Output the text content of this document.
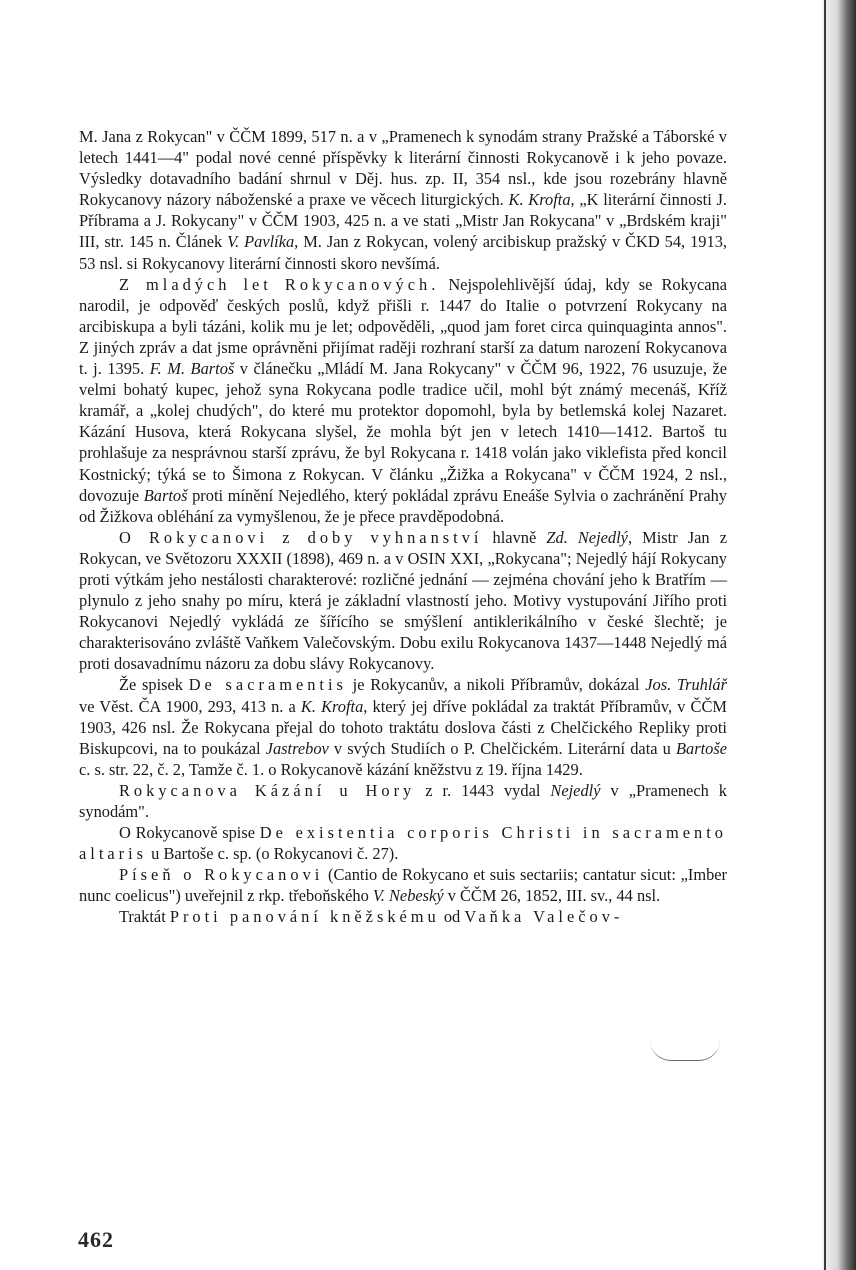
M. Jana z Rokycan" v ČČM 1899, 517 n. a v „Pramenech k synodám strany Pražské a Táborské v letech 1441—4" podal nové cenné příspěvky k literární činnosti Rokycanově i k jeho povaze. Výsledky dotavadního badání shrnul v Děj. hus. zp. II, 354 nsl., kde jsou rozebrány hlavně Rokycanovy názory náboženské a praxe ve věcech liturgických. K. Krofta, „K literární činnosti J. Příbrama a J. Rokycany" v ČČM 1903, 425 n. a ve stati „Mistr Jan Rokycana" v „Brdském kraji" III, str. 145 n. Článek V. Pavlíka, M. Jan z Rokycan, volený arcibiskup pražský v ČKD 54, 1913, 53 nsl. si Rokycanovy literární činnosti skoro nevšímá.

Z mladých let Rokycanových. Nejspolehlivější údaj, kdy se Rokycana narodil, je odpověď českých poslů, když přišli r. 1447 do Italie o potvrzení Rokycany na arcibiskupa a byli tázáni, kolik mu je let; odpověděli, „quod jam foret circa quinquaginta annos". Z jiných zpráv a dat jsme oprávněni přijímat raději rozhraní starší za datum narození Rokycanova t. j. 1395. F. M. Bartoš v článečku „Mládí M. Jana Rokycany" v ČČM 96, 1922, 76 usuzuje, že velmi bohatý kupec, jehož syna Rokycana podle tradice učil, mohl být známý mecenáš, Kříž kramář, a „kolej chudých", do které mu protektor dopomohl, byla by betlemská kolej Nazaret. Kázání Husova, která Rokycana slyšel, že mohla být jen v letech 1410—1412. Bartoš tu prohlašuje za nesprávnou starší zprávu, že byl Rokycana r. 1418 volán jako viklefista před koncil Kostnický; týká se to Šimona z Rokycan. V článku „Žižka a Rokycana" v ČČM 1924, 2 nsl., dovozuje Bartoš proti mínění Nejedlého, který pokládal zprávu Eneáše Sylvia o zachránění Prahy od Žižkova obléhání za vymyšlenou, že je přece pravděpodobná.

O Rokycanovi z doby vyhnanství hlavně Zd. Nejedlý, Mistr Jan z Rokycan, ve Světozoru XXXII (1898), 469 n. a v OSIN XXI, „Rokycana"; Nejedlý hájí Rokycany proti výtkám jeho nestálosti charakterové: rozličné jednání — zejména chování jeho k Bratřím — plynulo z jeho snahy po míru, která je základní vlastností jeho. Motivy vystupování Jiřího proti Rokycanovi Nejedlý vykládá ze šířícího se smýšlení antiklerikálního v české šlechtě; je charakterisováno zvláště Vaňkem Valečovským. Dobu exilu Rokycanova 1437—1448 Nejedlý má proti dosavadnímu názoru za dobu slávy Rokycanovy.

Že spisek De sacramentis je Rokycanův, a nikoli Příbramův, dokázal Jos. Truhlář ve Věst. ČA 1900, 293, 413 n. a K. Krofta, který jej dříve pokládal za traktát Příbramův, v ČČM 1903, 426 nsl. Že Rokycana přejal do tohoto traktátu doslova části z Chelčického Repliky proti Biskupcovi, na to poukázal Jastrebov v svých Studiích o P. Chelčickém. Literární data u Bartoše c. s. str. 22, č. 2, Tamže č. 1. o Rokycanově kázání kněžstvu z 19. října 1429.

Rokycanova Kázání u Hory z r. 1443 vydal Nejedlý v „Pramenech k synodám".

O Rokycanově spise De existentia corporis Christi in sacramento altaris u Bartoše c. sp. (o Rokycanovi č. 27).

Píseň o Rokycanovi (Cantio de Rokycano et suis sectariis; cantatur sicut: „Imber nunc coelicus") uveřejnil z rkp. třeboňského V. Nebeský v ČČM 26, 1852, III. sv., 44 nsl.

Traktát Proti panování kněžskému od Vaňka Valečov-

462
